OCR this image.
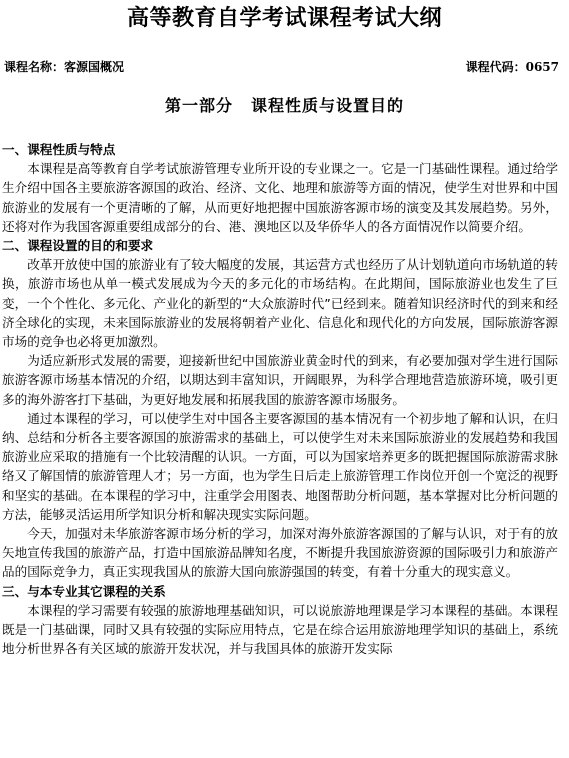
高等教育自学考试课程考试大纲
课程名称：客源国概况	课程代码：0657
第一部分 课程性质与设置目的

一、课程性质与特点

本课程是高等教育自学考试旅游管理专业所开设的专业课之一。它是一门基础性课程。通过给学生介绍中国各主要旅游客源国的政治、经济、文化、地理和旅游等方面的情况，使学生对世界和中国旅游业的发展有一个更清晰的了解，从而更好地把握中国旅游客源市场的演变及其发展趋势。另外，还将对作为我国客源重要组成部分的台、港、澳地区以及华侨华人的各方面情况作以简要介绍。

二、课程设置的目的和要求

改革开放使中国的旅游业有了较大幅度的发展，其运营方式也经历了从计划轨道向市场轨道的转换，旅游市场也从单一模式发展成为今天的多元化的市场结构。在此期间，国际旅游业也发生了巨变，一个个性化、多元化、产业化的新型的“大众旅游时代”已经到来。随着知识经济时代的到来和经济全球化的实现，未来国际旅游业的发展将朝着产业化、信息化和现代化的方向发展，国际旅游客源市场的竞争也必将更加激烈。

为适应新形式发展的需要，迎接新世纪中国旅游业黄金时代的到来，有必要加强对学生进行国际旅游客源市场基本情况的介绍，以期达到丰富知识，开阔眼界，为科学合理地营造旅游环境，吸引更多的海外游客打下基础，为更好地发展和拓展我国的旅游客源市场服务。

通过本课程的学习，可以使学生对中国各主要客源国的基本情况有一个初步地了解和认识，在归纳、总结和分析各主要客源国的旅游需求的基础上，可以使学生对未来国际旅游业的发展趋势和我国旅游业应采取的措施有一个比较清醒的认识。一方面，可以为国家培养更多的既把握国际旅游需求脉络又了解国情的旅游管理人才；另一方面，也为学生日后走上旅游管理工作岗位开创一个宽泛的视野和坚实的基础。在本课程的学习中，注重学会用图表、地图帮助分析问题，基本掌握对比分析问题的方法，能够灵活运用所学知识分析和解决现实实际问题。

今天，加强对未华旅游客源市场分析的学习，加深对海外旅游客源国的了解与认识，对于有的放矢地宣传我国的旅游产品，打造中国旅游品牌知名度，不断提升我国旅游资源的国际吸引力和旅游产品的国际竞争力，真正实现我国从的旅游大国向旅游强国的转变，有着十分重大的现实意义。

三、与本专业其它课程的关系

本课程的学习需要有较强的旅游地理基础知识，可以说旅游地理课是学习本课程的基础。本课程既是一门基础课，同时又具有较强的实际应用特点，它是在综合运用旅游地理学知识的基础上，系统地分析世界各有关区域的旅游开发状况，并与我国具体的旅游开发实际
